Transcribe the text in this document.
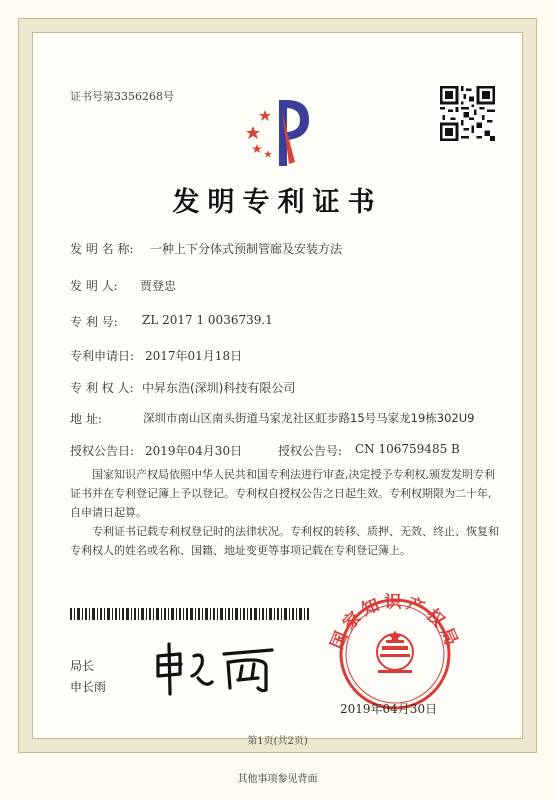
证书号第3356268号
发明专利证书
发 明 名 称: 一种上下分体式预制管廊及安装方法
发 明 人: 贾登忠
专 利 号: ZL 2017 1 0036739.1
专利申请日: 2017年01月18日
专 利 权 人: 中昇东浩(深圳)科技有限公司
地 址:	深圳市南山区南头街道马家龙社区虹步路15号马家龙19栋302U9
授权公告日: 2019年04月30日	授权公告号: CN 106759485 B
国家知识产权局依照中华人民共和国专利法进行审查,决定授予专利权,颁发发明专利证书并在专利登记簿上予以登记。专利权自授权公告之日起生效。专利权期限为二十年,自申请日起算。
专利证书记载专利权登记时的法律状况。专利权的转移、质押、无效、终止、恢复和专利权人的姓名或名称、国籍、地址变更等事项记载在专利登记簿上。
局长
申长雨
国家知识产权局
2019年04月30日
第1页(共2页)
其他事项参见背面
